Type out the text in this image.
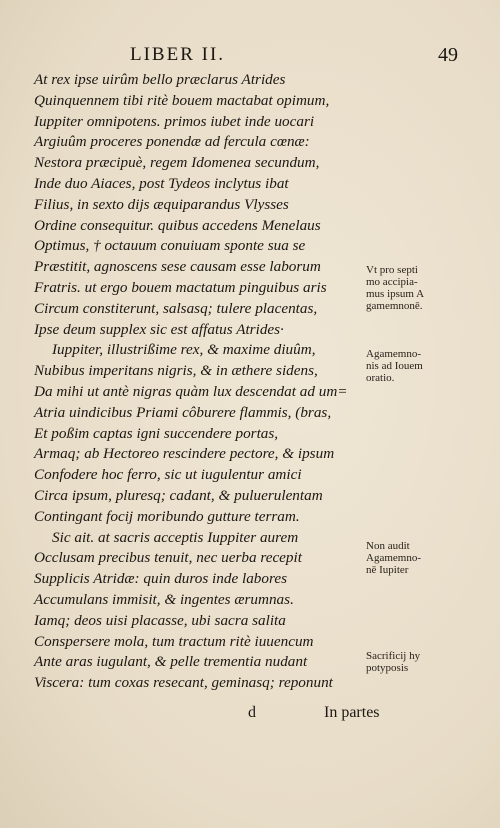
LIBER II.	49
At rex ipse uirûm bello præclarus Atrides
Quinquennem tibi ritè bouem mactabat opimum,
Iuppiter omnipotens. primos iubet inde uocari
Argiuûm proceres ponendæ ad fercula cœnæ:
Nestora præcipuè, regem Idomenea secundum,
Inde duo Aiaces, post Tydeos inclytus ibat
Filius, in sexto dijs æquiparandus Vlysses
Ordine consequitur. quibus accedens Menelaus
Optimus, † octauum conuiuam sponte sua se
Præstitit, agnoscens sese causam esse laborum
Fratris. ut ergo bouem mactatum pinguibus aris
Circum constiterunt, salsasq; tulere placentas,
Ipse deum supplex sic est affatus Atrides·
Iuppiter, illustrißime rex, & maxime diuûm,
Nubibus imperitans nigris, & in æthere sidens,
Da mihi ut antè nigras quàm lux descendat ad um=
Atria uindicibus Priami côburere flammis, (bras,
Et poßim captas igni succendere portas,
Armaq; ab Hectoreo rescindere pectore, & ipsum
Confodere hoc ferro, sic ut iugulentur amici
Circa ipsum, pluresq; cadant, & puluerulentam
Contingant focij moribundo gutture terram.
Sic ait. at sacris acceptis Iuppiter aurem
Occlusam precibus tenuit, nec uerba recepit
Supplicis Atridæ: quin duros inde labores
Accumulans immisit, & ingentes ærumnas.
Iamq; deos uisi placasse, ubi sacra salita
Conspersere mola, tum tractum ritè iuuencum
Ante aras iugulant, & pelle trementia nudant
Viscera: tum coxas resecant, geminasq; reponunt
Vt pro septi
mo accipia-
mus ipsum A
gamemnonē.
Agamemno-
nis ad Iouem
oratio.
Non audit
Agamemno-
nē Iupiter
Sacrificij hy
potyposis
d	In partes
